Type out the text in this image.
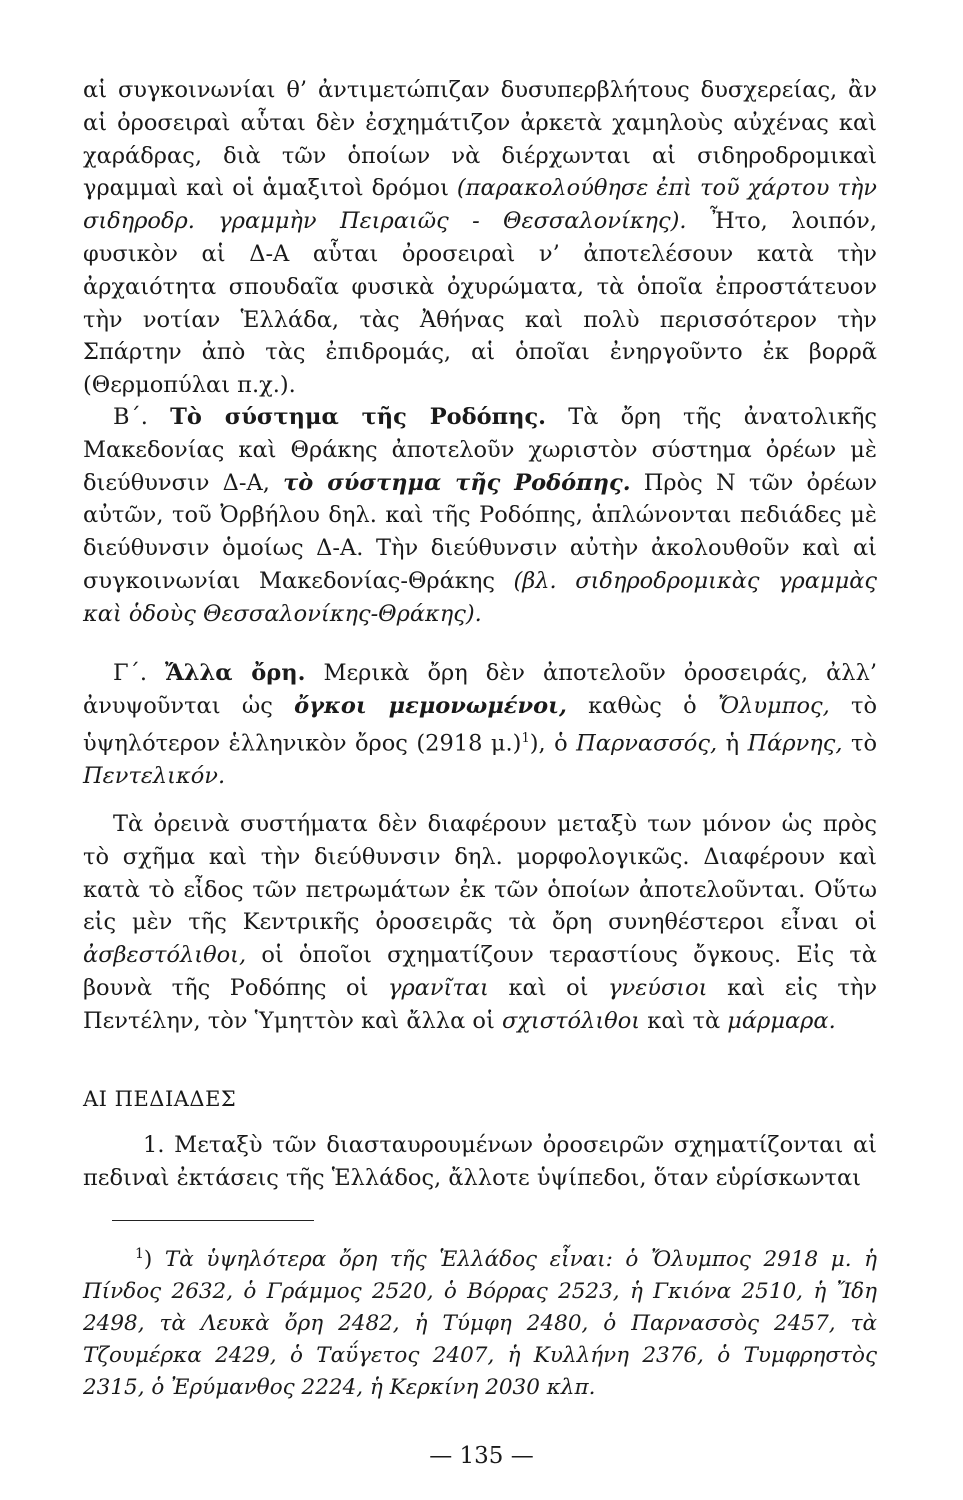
αἱ συγκοινωνίαι θ’ ἀντιμετώπιζαν δυσυπερβλήτους δυσχερείας, ἂν αἱ ὀροσειραὶ αὗται δὲν ἐσχημάτιζον ἀρκετὰ χαμηλοὺς αὐχένας καὶ χαράδρας, διὰ τῶν ὁποίων νὰ διέρχωνται αἱ σιδηροδρομικαὶ γραμμαὶ καὶ οἱ ἁμαξιτοὶ δρόμοι (παρακολούθησε ἐπὶ τοῦ χάρτου τὴν σιδηροδρ. γραμμὴν Πειραιῶς - Θεσσαλονίκης). Ἦτο, λοιπόν, φυσικὸν αἱ Δ-Α αὗται ὀροσειραὶ ν’ ἀποτελέσουν κατὰ τὴν ἀρχαιότητα σπουδαῖα φυσικὰ ὀχυρώματα, τὰ ὁποῖα ἐπροστάτευον τὴν νοτίαν Ἑλλάδα, τὰς Ἀθήνας καὶ πολὺ περισσότερον τὴν Σπάρτην ἀπὸ τὰς ἐπιδρομάς, αἱ ὁποῖαι ἐνηργοῦντο ἐκ βορρᾶ (Θερμοπύλαι π.χ.).
Β΄. Τὸ σύστημα τῆς Ροδόπης. Τὰ ὄρη τῆς ἀνατολικῆς Μακεδονίας καὶ Θράκης ἀποτελοῦν χωριστὸν σύστημα ὀρέων μὲ διεύθυνσιν Δ-Α, τὸ σύστημα τῆς Ροδόπης. Πρὸς Ν τῶν ὀρέων αὐτῶν, τοῦ Ὀρβήλου δηλ. καὶ τῆς Ροδόπης, ἁπλώνονται πεδιάδες μὲ διεύθυνσιν ὁμοίως Δ-Α. Τὴν διεύθυνσιν αὐτὴν ἀκολουθοῦν καὶ αἱ συγκοινωνίαι Μακεδονίας-Θράκης (βλ. σιδηροδρομικὰς γραμμὰς καὶ ὁδοὺς Θεσσαλονίκης-Θράκης).
Γ΄. Ἄλλα ὄρη. Μερικὰ ὄρη δὲν ἀποτελοῦν ὀροσειράς, ἀλλ’ ἀνυψοῦνται ὡς ὄγκοι μεμονωμένοι, καθὼς ὁ Ὄλυμπος, τὸ ὑψηλότερον ἑλληνικὸν ὄρος (2918 μ.)$^1$), ὁ Παρνασσός, ἡ Πάρνης, τὸ Πεντελικόν.
Τὰ ὀρεινὰ συστήματα δὲν διαφέρουν μεταξὺ των μόνον ὡς πρὸς τὸ σχῆμα καὶ τὴν διεύθυνσιν δηλ. μορφολογικῶς. Διαφέρουν καὶ κατὰ τὸ εἶδος τῶν πετρωμάτων ἐκ τῶν ὁποίων ἀποτελοῦνται. Οὕτω εἰς μὲν τῆς Κεντρικῆς ὀροσειρᾶς τὰ ὄρη συνηθέστεροι εἶναι οἱ ἀσβεστόλιθοι, οἱ ὁποῖοι σχηματίζουν τεραστίους ὄγκους. Εἰς τὰ βουνὰ τῆς Ροδόπης οἱ γρανῖται καὶ οἱ γνεύσιοι καὶ εἰς τὴν Πεντέλην, τὸν Ὑμηττὸν καὶ ἄλλα οἱ σχιστόλιθοι καὶ τὰ μάρμαρα.
ΑΙ ΠΕΔΙΑΔΕΣ
1. Μεταξὺ τῶν διασταυρουμένων ὀροσειρῶν σχηματίζονται αἱ πεδιναὶ ἐκτάσεις τῆς Ἑλλάδος, ἄλλοτε ὑψίπεδοι, ὅταν εὑρίσκωνται
$^1$) Τὰ ὑψηλότερα ὄρη τῆς Ἑλλάδος εἶναι: ὁ Ὄλυμπος 2918 μ. ἡ Πίνδος 2632, ὁ Γράμμος 2520, ὁ Βόρρας 2523, ἡ Γκιόνα 2510, ἡ Ἴδη 2498, τὰ Λευκὰ ὄρη 2482, ἡ Τύμφη 2480, ὁ Παρνασσὸς 2457, τὰ Τζουμέρκα 2429, ὁ Ταΰγετος 2407, ἡ Κυλλήνη 2376, ὁ Τυμφρηστὸς 2315, ὁ Ἐρύμανθος 2224, ἡ Κερκίνη 2030 κλπ.
— 135 —
